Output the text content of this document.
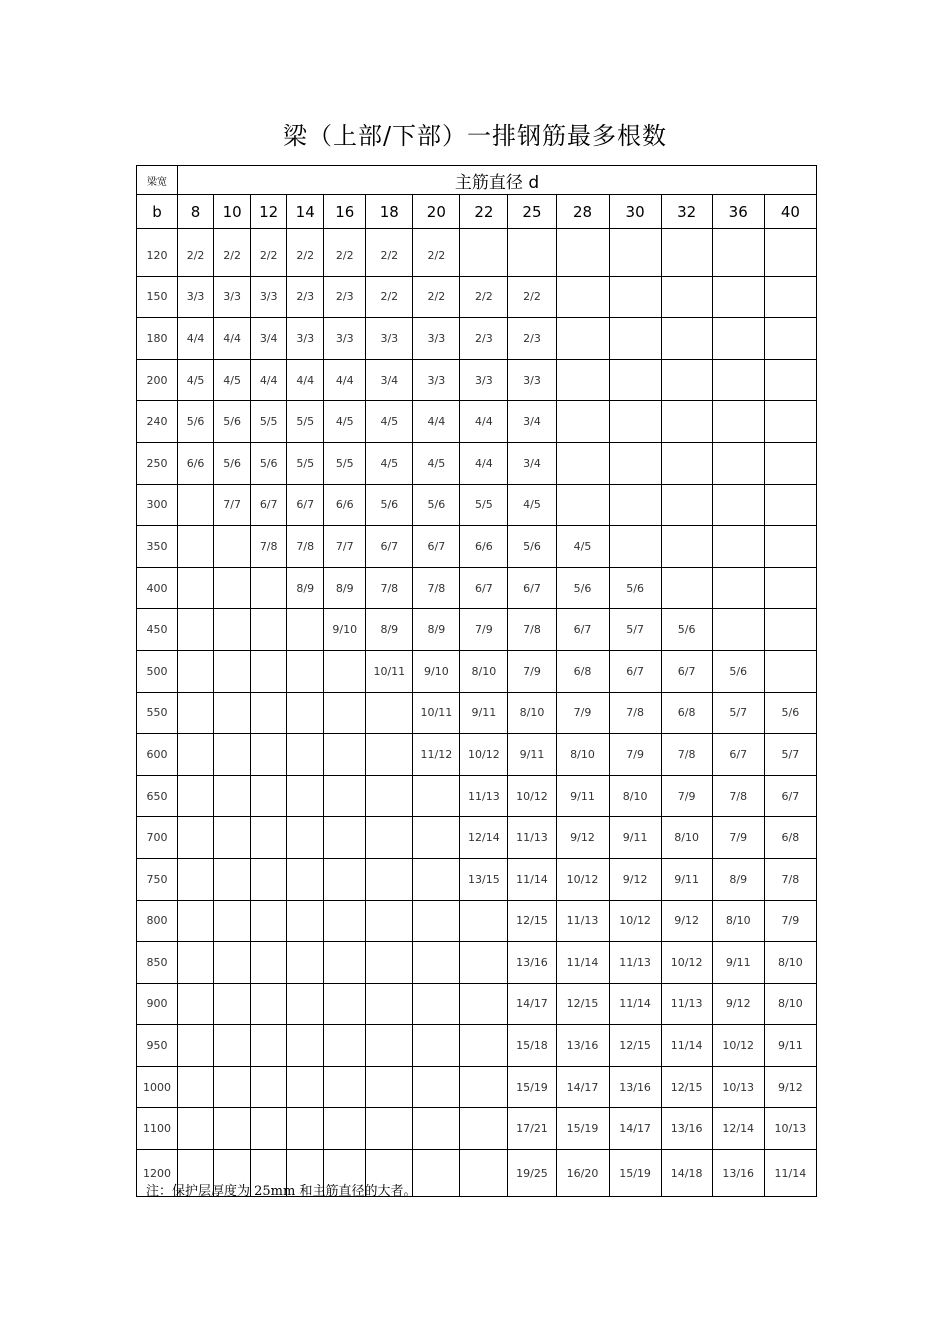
梁（上部/下部）一排钢筋最多根数
梁宽	主筋直径 d													
b	8	10	12	14	16	18	20	22	25	28	30	32	36	40
120	2/2	2/2	2/2	2/2	2/2	2/2	2/2							
150	3/3	3/3	3/3	2/3	2/3	2/2	2/2	2/2	2/2					
180	4/4	4/4	3/4	3/3	3/3	3/3	3/3	2/3	2/3					
200	4/5	4/5	4/4	4/4	4/4	3/4	3/3	3/3	3/3					
240	5/6	5/6	5/5	5/5	4/5	4/5	4/4	4/4	3/4					
250	6/6	5/6	5/6	5/5	5/5	4/5	4/5	4/4	3/4					
300		7/7	6/7	6/7	6/6	5/6	5/6	5/5	4/5					
350			7/8	7/8	7/7	6/7	6/7	6/6	5/6	4/5				
400				8/9	8/9	7/8	7/8	6/7	6/7	5/6	5/6			
450					9/10	8/9	8/9	7/9	7/8	6/7	5/7	5/6		
500						10/11	9/10	8/10	7/9	6/8	6/7	6/7	5/6	
550							10/11	9/11	8/10	7/9	7/8	6/8	5/7	5/6
600							11/12	10/12	9/11	8/10	7/9	7/8	6/7	5/7
650								11/13	10/12	9/11	8/10	7/9	7/8	6/7
700								12/14	11/13	9/12	9/11	8/10	7/9	6/8
750								13/15	11/14	10/12	9/12	9/11	8/9	7/8
800									12/15	11/13	10/12	9/12	8/10	7/9
850									13/16	11/14	11/13	10/12	9/11	8/10
900									14/17	12/15	11/14	11/13	9/12	8/10
950									15/18	13/16	12/15	11/14	10/12	9/11
1000									15/19	14/17	13/16	12/15	10/13	9/12
1100									17/21	15/19	14/17	13/16	12/14	10/13
1200									19/25	16/20	15/19	14/18	13/16	11/14
注：保护层厚度为 25mm 和主筋直径的大者。
